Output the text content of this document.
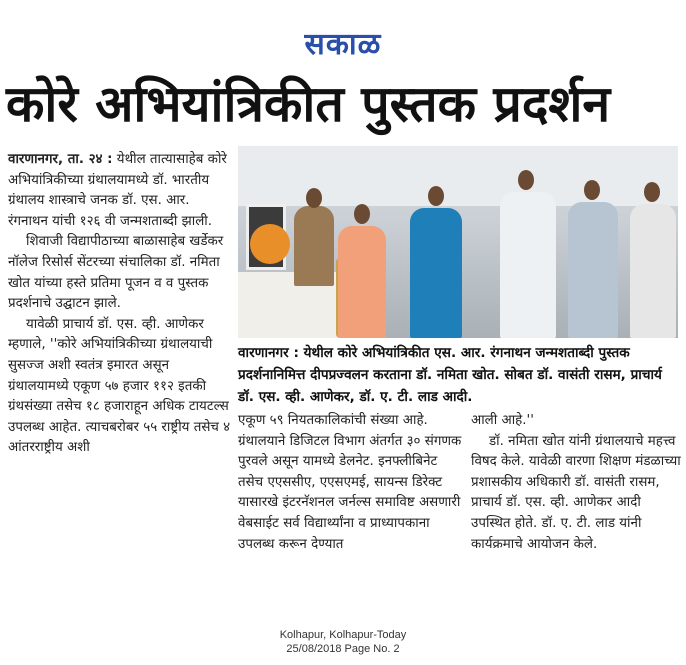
सकाळ
कोरे अभियांत्रिकीत पुस्तक प्रदर्शन

वारणानगर, ता. २४ : येथील तात्यासाहेब कोरे अभियांत्रिकीच्या ग्रंथालयामध्ये डॉ. भारतीय ग्रंथालय शास्त्राचे जनक डॉ. एस. आर. रंगनाथन यांची १२६ वी जन्मशताब्दी झाली.

शिवाजी विद्यापीठाच्या बाळासाहेब खर्डेकर नॉलेज रिसोर्स सेंटरच्या संचालिका डॉ. नमिता खोत यांच्या हस्ते प्रतिमा पूजन व व पुस्तक प्रदर्शनाचे उद्घाटन झाले.

यावेळी प्राचार्य डॉ. एस. व्ही. आणेकर म्हणाले, ''कोरे अभियांत्रिकीच्या ग्रंथालयाची सुसज्ज अशी स्वतंत्र इमारत असून ग्रंथालयामध्ये एकूण ५७ हजार ११२ इतकी ग्रंथसंख्या तसेच १८ हजाराहून अधिक टायटल्स उपलब्ध आहेत. त्याचबरोबर ५५ राष्ट्रीय तसेच ४ आंतरराष्ट्रीय अशी

वारणानगर : येथील कोरे अभियांत्रिकीत एस. आर. रंगनाथन जन्मशताब्दी पुस्तक प्रदर्शनानिमित्त दीपप्रज्वलन करताना डॉ. नमिता खोत. सोबत डॉ. वासंती रासम, प्राचार्य डॉ. एस. व्ही. आणेकर, डॉ. ए. टी. लाड आदी.

एकूण ५९ नियतकालिकांची संख्या आहे. ग्रंथालयाने डिजिटल विभाग अंतर्गत ३० संगणक पुरवले असून यामध्ये डेलनेट. इनफ्लीबिनेट तसेच एएससीए, एएसएमई, सायन्स डिरेक्ट यासारखे इंटरनॅशनल जर्नल्स समाविष्ट असणारी वेबसाईट सर्व विद्यार्थ्यांना व प्राध्यापकाना उपलब्ध करून देण्यात

आली आहे.''

डॉ. नमिता खोत यांनी ग्रंथालयाचे महत्त्व विषद केले. यावेळी वारणा शिक्षण मंडळाच्या प्रशासकीय अधिकारी डॉ. वासंती रासम, प्राचार्य डॉ. एस. व्ही. आणेकर आदी उपस्थित होते. डॉ. ए. टी. लाड यांनी कार्यक्रमाचे आयोजन केले.

Kolhapur, Kolhapur-Today
25/08/2018 Page No. 2
